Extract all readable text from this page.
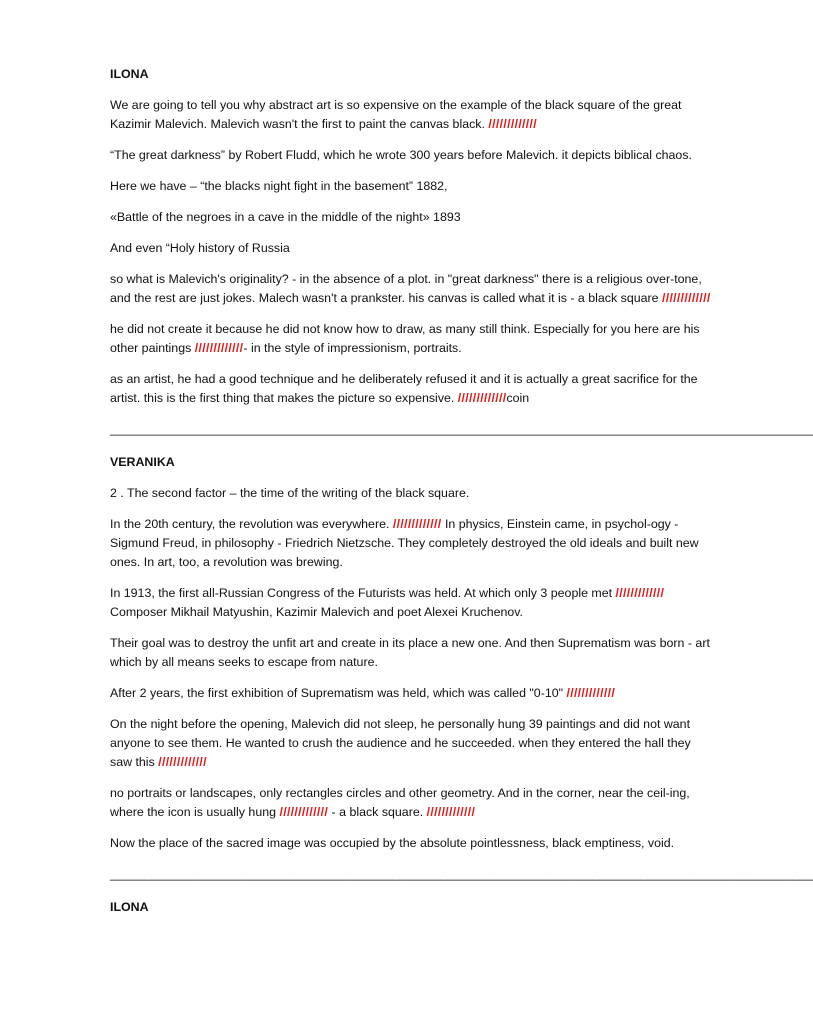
ILONA

We are going to tell you why abstract art is so expensive on the example of the black square of the great Kazimir Malevich. Malevich wasn't the first to paint the canvas black. /////////////

“The great darkness” by Robert Fludd, which he wrote 300 years before Malevich. it depicts biblical chaos.

Here we have – “the blacks night fight in the basement” 1882,

«Battle of the negroes in a cave in the middle of the night» 1893

And even “Holy history of Russia

so what is Malevich's originality? - in the absence of a plot. in "great darkness" there is a religious over-tone, and the rest are just jokes. Malech wasn't a prankster. his canvas is called what it is - a black square /////////////

he did not create it because he did not know how to draw, as many still think. Especially for you here are his other paintings /////////////- in the style of impressionism, portraits.

as an artist, he had a good technique and he deliberately refused it and it is actually a great sacrifice for the artist. this is the first thing that makes the picture so expensive. /////////////coin

______________________________________________________________________________________________________
VERANIKA

2 . The second factor – the time of the writing of the black square.

In the 20th century, the revolution was everywhere. ///////////// In physics, Einstein came, in psychol-ogy - Sigmund Freud, in philosophy - Friedrich Nietzsche. They completely destroyed the old ideals and built new ones. In art, too, a revolution was brewing.

In 1913, the first all-Russian Congress of the Futurists was held. At which only 3 people met ///////////// Composer Mikhail Matyushin, Kazimir Malevich and poet Alexei Kruchenov.

Their goal was to destroy the unfit art and create in its place a new one. And then Suprematism was born - art which by all means seeks to escape from nature.

After 2 years, the first exhibition of Suprematism was held, which was called "0-10" /////////////

On the night before the opening, Malevich did not sleep, he personally hung 39 paintings and did not want anyone to see them. He wanted to crush the audience and he succeeded. when they entered the hall they saw this /////////////

no portraits or landscapes, only rectangles circles and other geometry. And in the corner, near the ceil-ing, where the icon is usually hung ///////////// - a black square. /////////////

Now the place of the sacred image was occupied by the absolute pointlessness, black emptiness, void.

______________________________________________________________________________________________________
ILONA
